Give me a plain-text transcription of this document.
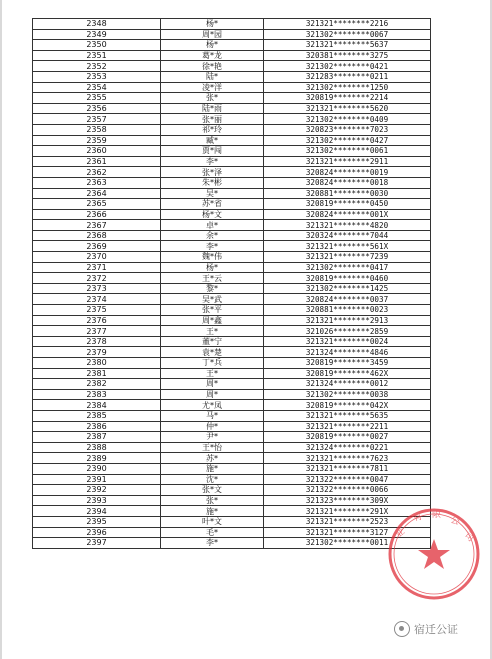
2348	杨*	321321********2216
2349	周*园	321302********0067
2350	杨*	321321********5637
2351	葛*龙	320381********3275
2352	徐*艳	321302********0421
2353	陆*	321283********0211
2354	凌*洋	321302********1250
2355	张*	320819********2214
2356	陆*雨	321321********5620
2357	张*丽	321302********0409
2358	祁*玲	320823********7023
2359	臧*	321302********0427
2360	贾*闯	321302********0061
2361	李*	321321********2911
2362	张*泽	320824********0019
2363	朱*彬	320824********0018
2364	吴*	320881********0030
2365	苏*省	320819********0450
2366	杨*文	320824********001X
2367	卓*	321321********4820
2368	余*	320324********7044
2369	李*	321321********561X
2370	魏*伟	321321********7239
2371	杨*	321302********0417
2372	王*云	320819********0460
2373	黎*	321302********1425
2374	吴*武	320824********0037
2375	张*平	320881********0023
2376	周*鑫	321321********2913
2377	王*	321026********2859
2378	董*宁	321321********0024
2379	袁*楚	321324********4846
2380	丁*兵	320819********3459
2381	王*	320819********462X
2382	周*	321324********0012
2383	周*	321302********0038
2384	尤*凤	320819********042X
2385	马*	321321********5635
2386	仲*	321321********2211
2387	尹*	320819********0027
2388	王*怡	321324********0221
2389	苏*	321321********7623
2390	施*	321321********7811
2391	沈*	321322********0047
2392	张*文	321322********0066
2393	张*	321323********309X
2394	施*	321321********291X
2395	叶*文	321321********2523
2396	毛*	321321********3127
2397	李*	321302********0011
业
有 限
公
司
宿迁公证
